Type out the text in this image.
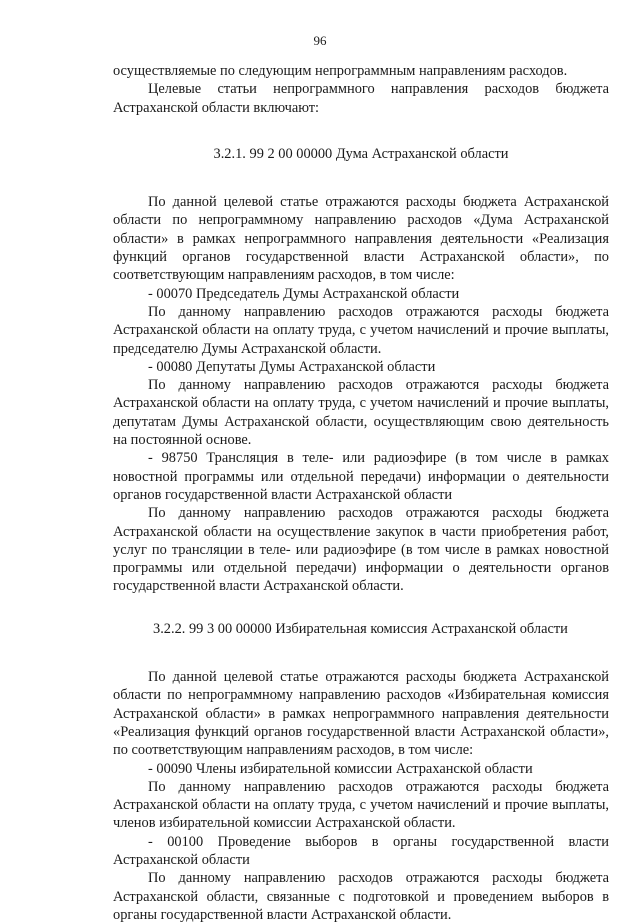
96

осуществляемые по следующим непрограммным направлениям расходов.

Целевые статьи непрограммного направления расходов бюджета Астраханской области включают:

3.2.1. 99 2 00 00000 Дума Астраханской области

По данной целевой статье отражаются расходы бюджета Астраханской области по непрограммному направлению расходов «Дума Астраханской области» в рамках непрограммного направления деятельности «Реализация функций органов государственной власти Астраханской области», по соответствующим направлениям расходов, в том числе:

- 00070 Председатель Думы Астраханской области

По данному направлению расходов отражаются расходы бюджета Астраханской области на оплату труда, с учетом начислений и прочие выплаты, председателю Думы Астраханской области.

- 00080 Депутаты Думы Астраханской области

По данному направлению расходов отражаются расходы бюджета Астраханской области на оплату труда, с учетом начислений и прочие выплаты, депутатам Думы Астраханской области, осуществляющим свою деятельность на постоянной основе.

- 98750 Трансляция в теле- или радиоэфире (в том числе в рамках новостной программы или отдельной передачи) информации о деятельности органов государственной власти Астраханской области

По данному направлению расходов отражаются расходы бюджета Астраханской области на осуществление закупок в части приобретения работ, услуг по трансляции в теле- или радиоэфире (в том числе в рамках новостной программы или отдельной передачи) информации о деятельности органов государственной власти Астраханской области.

3.2.2. 99 3 00 00000 Избирательная комиссия Астраханской области

По данной целевой статье отражаются расходы бюджета Астраханской области по непрограммному направлению расходов «Избирательная комиссия Астраханской области» в рамках непрограммного направления деятельности «Реализация функций органов государственной власти Астраханской области», по соответствующим направлениям расходов, в том числе:

- 00090 Члены избирательной комиссии Астраханской области

По данному направлению расходов отражаются расходы бюджета Астраханской области на оплату труда, с учетом начислений и прочие выплаты, членов избирательной комиссии Астраханской области.

- 00100 Проведение выборов в органы государственной власти Астраханской области

По данному направлению расходов отражаются расходы бюджета Астраханской области, связанные с подготовкой и проведением выборов в органы государственной власти Астраханской области.
